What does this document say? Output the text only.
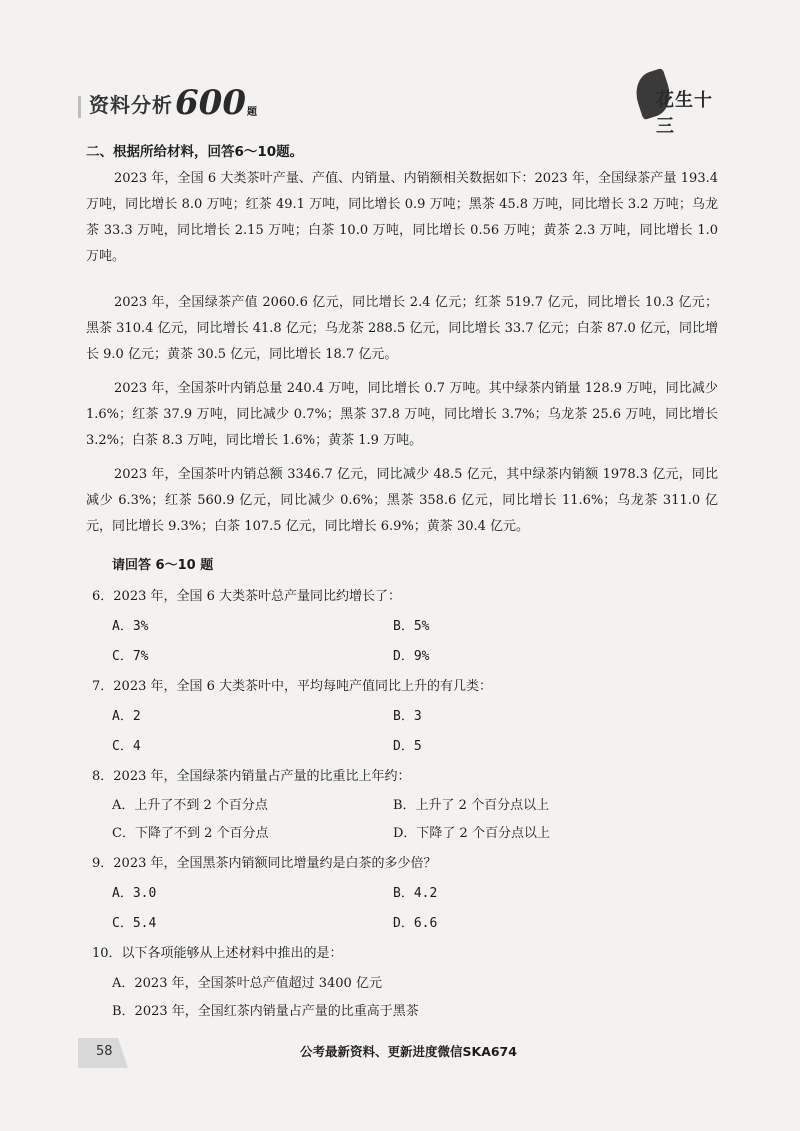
资料分析 600 题
花生十三
二、根据所给材料，回答6～10题。

2023 年，全国 6 大类茶叶产量、产值、内销量、内销额相关数据如下：2023 年，全国绿茶产量 193.4 万吨，同比增长 8.0 万吨；红茶 49.1 万吨，同比增长 0.9 万吨；黑茶 45.8 万吨，同比增长 3.2 万吨；乌龙茶 33.3 万吨，同比增长 2.15 万吨；白茶 10.0 万吨，同比增长 0.56 万吨；黄茶 2.3 万吨，同比增长 1.0 万吨。

2023 年，全国绿茶产值 2060.6 亿元，同比增长 2.4 亿元；红茶 519.7 亿元，同比增长 10.3 亿元；黑茶 310.4 亿元，同比增长 41.8 亿元；乌龙茶 288.5 亿元，同比增长 33.7 亿元；白茶 87.0 亿元，同比增长 9.0 亿元；黄茶 30.5 亿元，同比增长 18.7 亿元。

2023 年，全国茶叶内销总量 240.4 万吨，同比增长 0.7 万吨。其中绿茶内销量 128.9 万吨，同比减少 1.6%；红茶 37.9 万吨，同比减少 0.7%；黑茶 37.8 万吨，同比增长 3.7%；乌龙茶 25.6 万吨，同比增长 3.2%；白茶 8.3 万吨，同比增长 1.6%；黄茶 1.9 万吨。

2023 年，全国茶叶内销总额 3346.7 亿元，同比减少 48.5 亿元，其中绿茶内销额 1978.3 亿元，同比减少 6.3%；红茶 560.9 亿元，同比减少 0.6%；黑茶 358.6 亿元，同比增长 11.6%；乌龙茶 311.0 亿元，同比增长 9.3%；白茶 107.5 亿元，同比增长 6.9%；黄茶 30.4 亿元。

请回答 6～10 题
6．2023 年，全国 6 大类茶叶总产量同比约增长了：
A．3%	B．5%
C．7%	D．9%
7．2023 年，全国 6 大类茶叶中，平均每吨产值同比上升的有几类：
A．2	B．3
C．4	D．5
8．2023 年，全国绿茶内销量占产量的比重比上年约：
A．上升了不到 2 个百分点	B．上升了 2 个百分点以上
C．下降了不到 2 个百分点	D．下降了 2 个百分点以上
9．2023 年，全国黑茶内销额同比增量约是白茶的多少倍？
A．3.0	B．4.2
C．5.4	D．6.6
10．以下各项能够从上述材料中推出的是：
A．2023 年，全国茶叶总产值超过 3400 亿元
B．2023 年，全国红茶内销量占产量的比重高于黑茶
58	公考最新资料、更新进度微信SKA674
